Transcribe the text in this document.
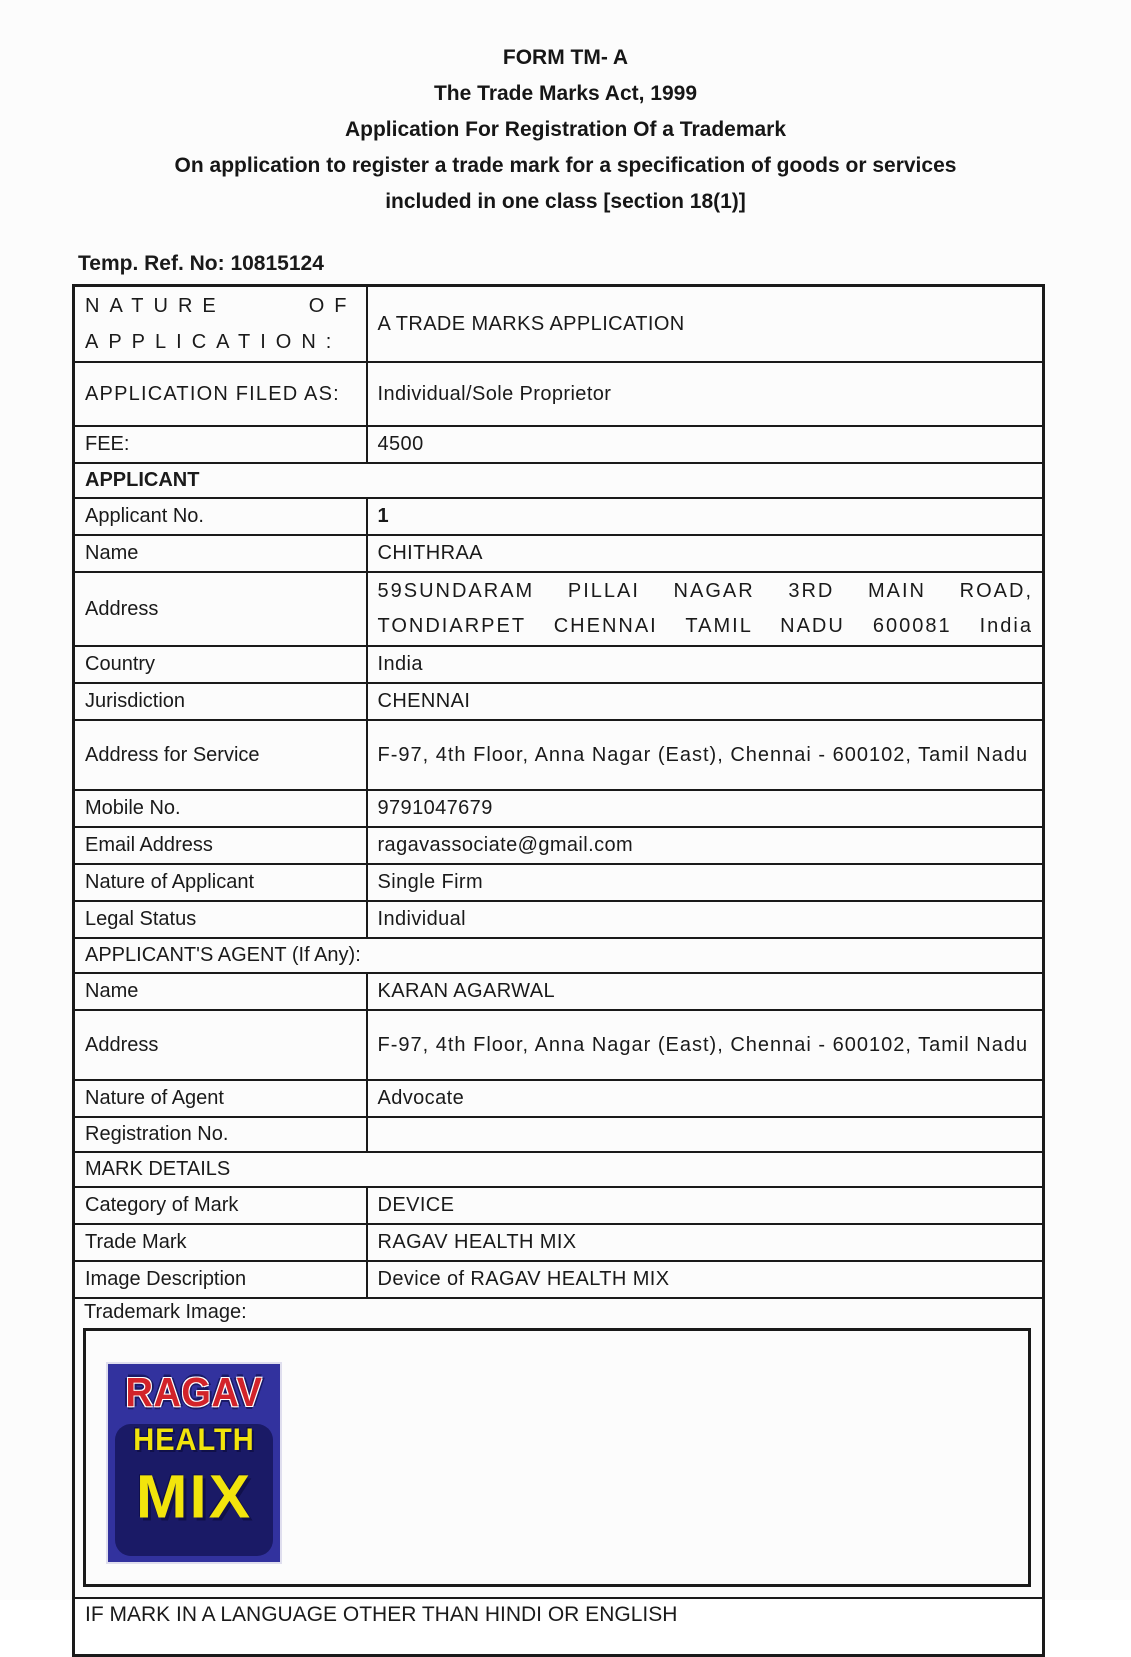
FORM TM- A
The Trade Marks Act, 1999
Application For Registration Of a Trademark
On application to register a trade mark for a specification of goods or services
included in one class [section 18(1)]
Temp. Ref. No: 10815124
NATURE OF APPLICATION:	A TRADE MARKS APPLICATION
APPLICATION FILED AS:	Individual/Sole Proprietor
FEE:	4500
APPLICANT	
Applicant No.	1
Name	CHITHRAA
Address	59SUNDARAM PILLAI NAGAR 3RD MAIN ROAD, TONDIARPET CHENNAI TAMIL NADU 600081 India
Country	India
Jurisdiction	CHENNAI
Address for Service	F-97, 4th Floor, Anna Nagar (East), Chennai - 600102, Tamil Nadu
Mobile No.	9791047679
Email Address	ragavassociate@gmail.com
Nature of Applicant	Single Firm
Legal Status	Individual
APPLICANT'S AGENT (If Any):	
Name	KARAN AGARWAL
Address	F-97, 4th Floor, Anna Nagar (East), Chennai - 600102, Tamil Nadu
Nature of Agent	Advocate
Registration No.	
MARK DETAILS	
Category of Mark	DEVICE
Trade Mark	RAGAV HEALTH MIX
Image Description	Device of RAGAV HEALTH MIX

Trademark Image:
RAGAV
HEALTH
MIX	

IF MARK IN A LANGUAGE OTHER THAN HINDI OR ENGLISH	
